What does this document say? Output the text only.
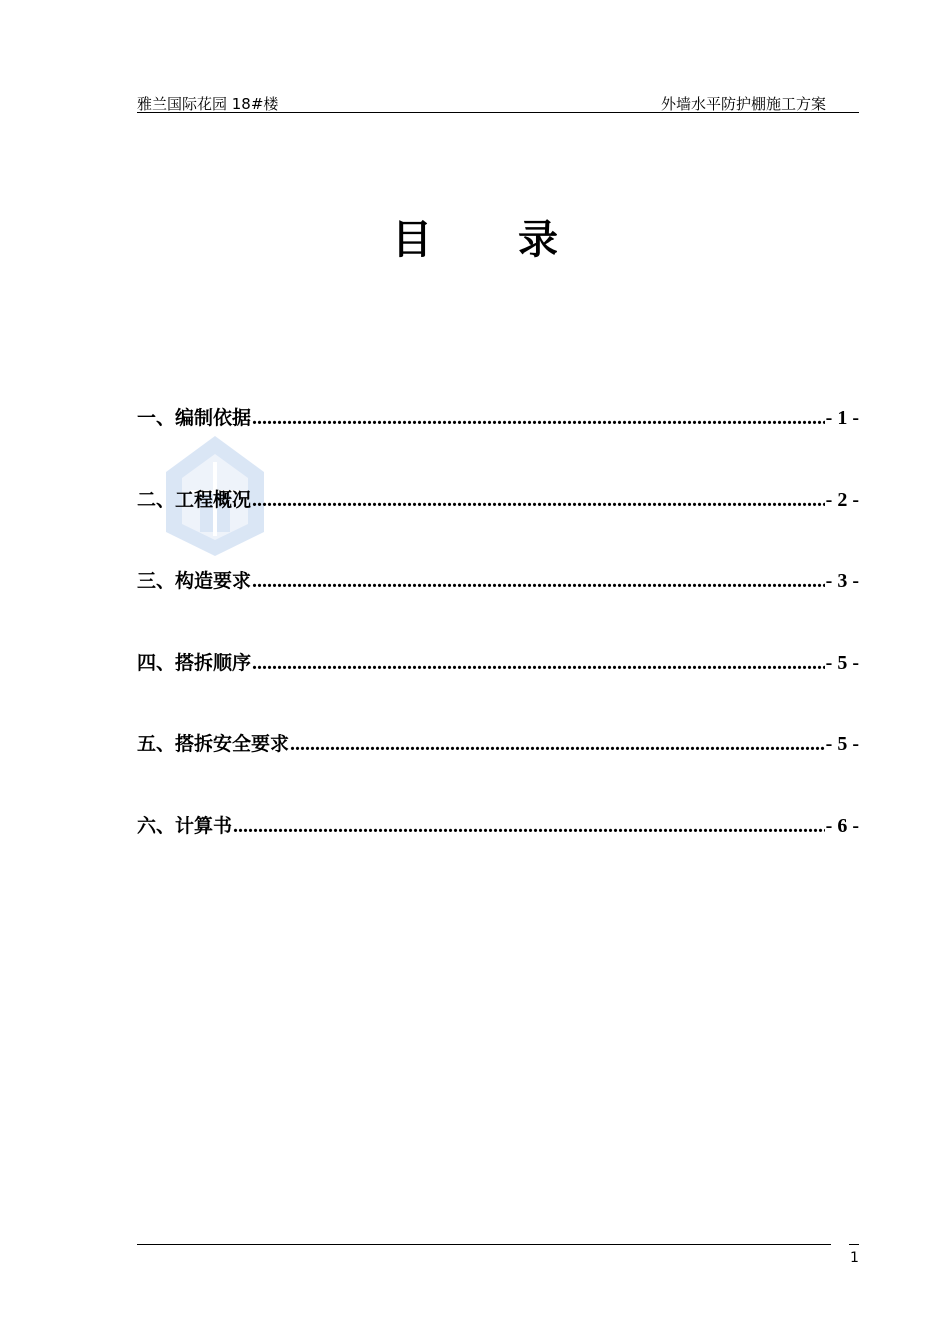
雅兰国际花园 18#楼	外墙水平防护棚施工方案
目 录
一、编制依据 .....	- 1 -
二、工程概况 .....	- 2 -
三、构造要求 .....	- 3 -
四、搭拆顺序 .....	- 5 -
五、搭拆安全要求 .....	- 5 -
六、计算书 .....	- 6 -
1
